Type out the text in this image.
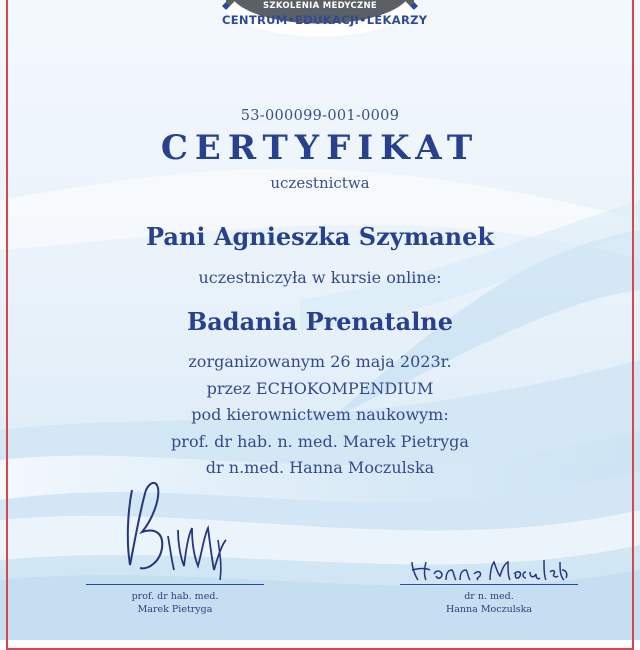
SZKOLENIA MEDYCZNE
CENTRUM•EDUKACJI•LEKARZY
53-000099-001-0009
CERTYFIKAT
uczestnictwa
Pani Agnieszka Szymanek
uczestniczyła w kursie online:
Badania Prenatalne
zorganizowanym 26 maja 2023r.
przez ECHOKOMPENDIUM
pod kierownictwem naukowym:
prof. dr hab. n. med. Marek Pietryga
dr n.med. Hanna Moczulska
prof. dr hab. med.
Marek Pietryga
dr n. med.
Hanna Moczulska
